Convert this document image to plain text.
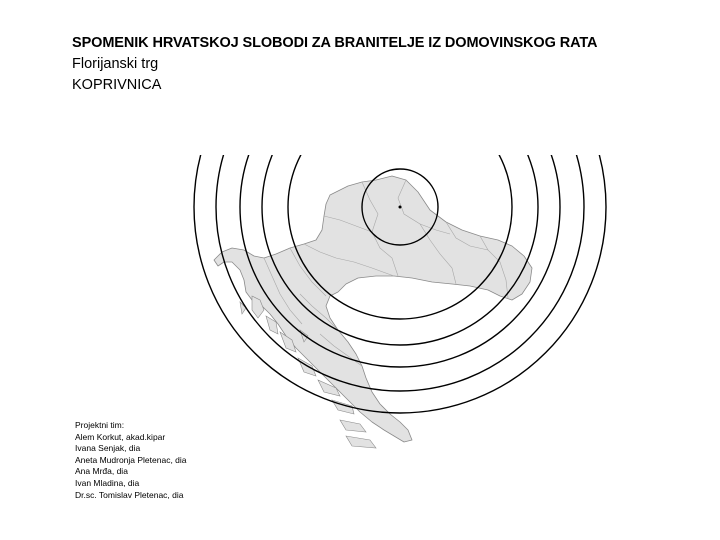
SPOMENIK HRVATSKOJ SLOBODI ZA BRANITELJE IZ DOMOVINSKOG RATA
Florijanski trg
KOPRIVNICA
Projektni tim:
Alem Korkut, akad.kipar
Ivana Senjak, dia
Aneta Mudronja Pletenac, dia
Ana Mrđa, dia
Ivan Mladina, dia
Dr.sc. Tomislav Pletenac, dia
